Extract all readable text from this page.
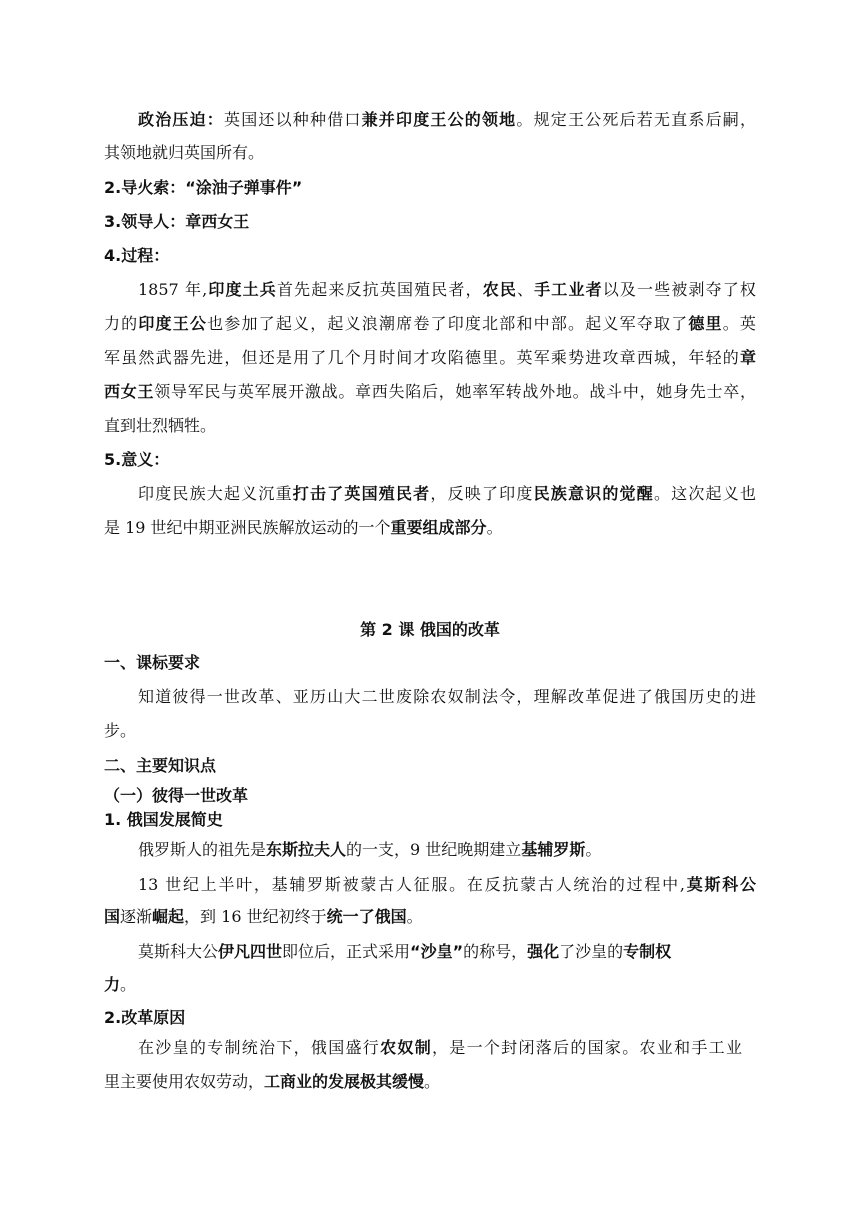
政治压迫：英国还以种种借口兼并印度王公的领地。规定王公死后若无直系后嗣，
其领地就归英国所有。
2.导火索：“涂油子弹事件”
3.领导人：章西女王
4.过程：
1857 年,印度土兵首先起来反抗英国殖民者，农民、手工业者以及一些被剥夺了权
力的印度王公也参加了起义，起义浪潮席卷了印度北部和中部。起义军夺取了德里。英
军虽然武器先进，但还是用了几个月时间才攻陷德里。英军乘势进攻章西城，年轻的章
西女王领导军民与英军展开激战。章西失陷后，她率军转战外地。战斗中，她身先士卒，
直到壮烈牺牲。
5.意义：
印度民族大起义沉重打击了英国殖民者，反映了印度民族意识的觉醒。这次起义也
是 19 世纪中期亚洲民族解放运动的一个重要组成部分。
第 2 课 俄国的改革
一、课标要求
知道彼得一世改革、亚历山大二世废除农奴制法令，理解改革促进了俄国历史的进
步。
二、主要知识点
（一）彼得一世改革
1. 俄国发展简史
俄罗斯人的祖先是东斯拉夫人的一支，9 世纪晚期建立基辅罗斯。
13 世纪上半叶，基辅罗斯被蒙古人征服。在反抗蒙古人统治的过程中,莫斯科公
国逐渐崛起，到 16 世纪初终于统一了俄国。
莫斯科大公伊凡四世即位后，正式采用“沙皇”的称号，强化了沙皇的专制权
力。
2.改革原因
在沙皇的专制统治下，俄国盛行农奴制，是一个封闭落后的国家。农业和手工业
里主要使用农奴劳动，工商业的发展极其缓慢。
